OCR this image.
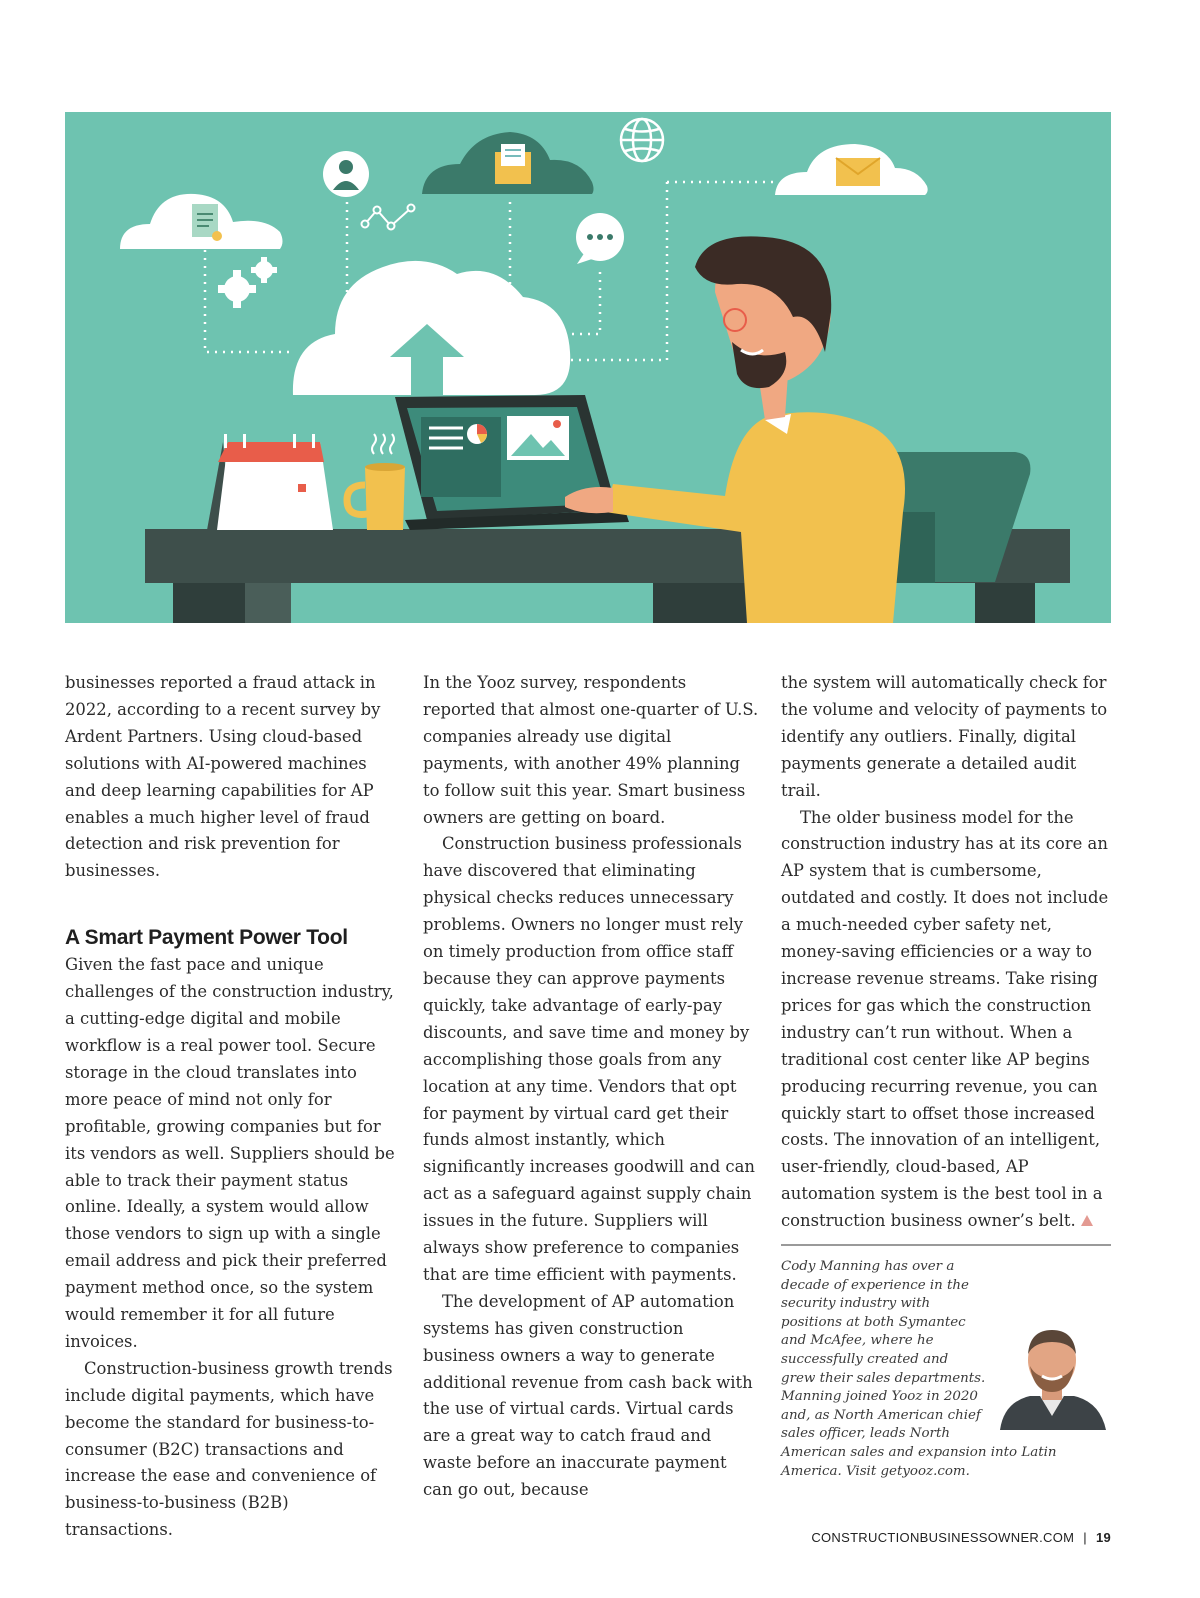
businesses reported a fraud attack in 2022, according to a recent survey by Ardent Partners. Using cloud-based solutions with AI-powered machines and deep learning capabilities for AP enables a much higher level of fraud detection and risk prevention for businesses.

A Smart Payment Power Tool

Given the fast pace and unique challenges of the construction industry, a cutting-edge digital and mobile workflow is a real power tool. Secure storage in the cloud translates into more peace of mind not only for profitable, growing companies but for its vendors as well. Suppliers should be able to track their payment status online. Ideally, a system would allow those vendors to sign up with a single email address and pick their preferred payment method once, so the system would remember it for all future invoices.

Construction-business growth trends include digital payments, which have become the standard for business-to-consumer (B2C) transactions and increase the ease and convenience of business-to-business (B2B) transactions.

In the Yooz survey, respondents reported that almost one-quarter of U.S. companies already use digital payments, with another 49% planning to follow suit this year. Smart business owners are getting on board.

Construction business professionals have discovered that eliminating physical checks reduces unnecessary problems. Owners no longer must rely on timely production from office staff because they can approve payments quickly, take advantage of early-pay discounts, and save time and money by accomplishing those goals from any location at any time. Vendors that opt for payment by virtual card get their funds almost instantly, which significantly increases goodwill and can act as a safeguard against supply chain issues in the future. Suppliers will always show preference to companies that are time efficient with payments.

The development of AP automation systems has given construction business owners a way to generate additional revenue from cash back with the use of virtual cards. Virtual cards are a great way to catch fraud and waste before an inaccurate payment can go out, because

the system will automatically check for the volume and velocity of payments to identify any outliers. Finally, digital payments generate a detailed audit trail.

The older business model for the construction industry has at its core an AP system that is cumbersome, outdated and costly. It does not include a much-needed cyber safety net, money-saving efficiencies or a way to increase revenue streams. Take rising prices for gas which the construction industry can’t run without. When a traditional cost center like AP begins producing recurring revenue, you can quickly start to offset those increased costs. The innovation of an intelligent, user-friendly, cloud-based, AP automation system is the best tool in a construction business owner’s belt.

Cody Manning has over a decade of experience in the security industry with positions at both Symantec and McAfee, where he successfully created and grew their sales departments. Manning joined Yooz in 2020 and, as North American chief sales officer, leads North American sales and expansion into Latin America. Visit getyooz.com.

CONSTRUCTIONBUSINESSOWNER.COM | 19
